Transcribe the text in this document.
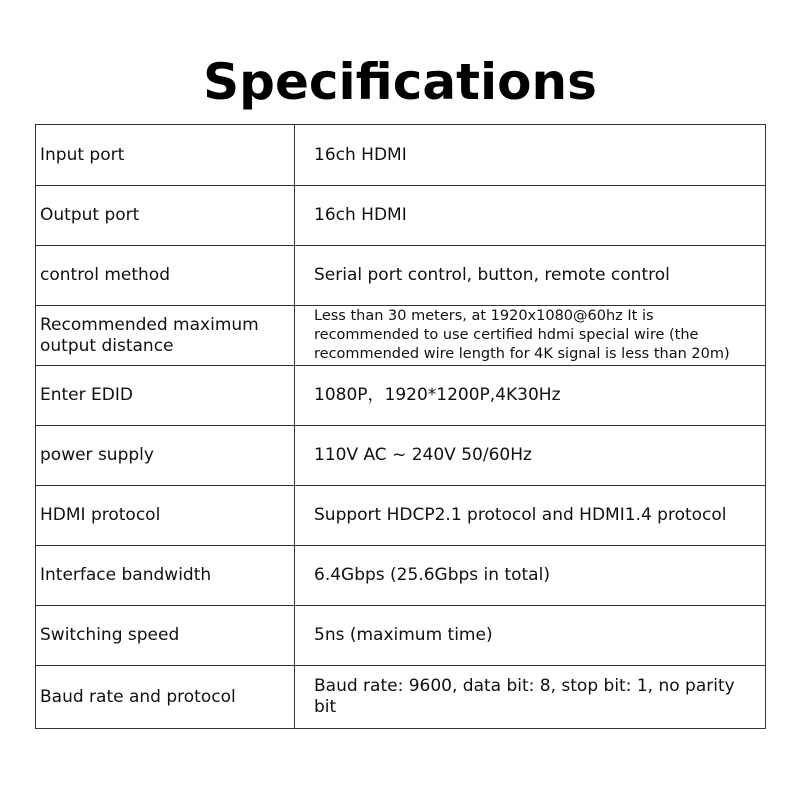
Specifications
Input port	16ch HDMI
Output port	16ch HDMI
control method	Serial port control, button, remote control
Recommended maximum output distance	Less than 30 meters, at 1920x1080@60hz It is recommended to use certified hdmi special wire (the recommended wire length for 4K signal is less than 20m)
Enter EDID	1080P，1920*1200P,4K30Hz
power supply	110V AC ~ 240V 50/60Hz
HDMI protocol	Support HDCP2.1 protocol and HDMI1.4 protocol
Interface bandwidth	6.4Gbps (25.6Gbps in total)
Switching speed	5ns (maximum time)
Baud rate and protocol	Baud rate: 9600, data bit: 8, stop bit: 1, no parity bit
